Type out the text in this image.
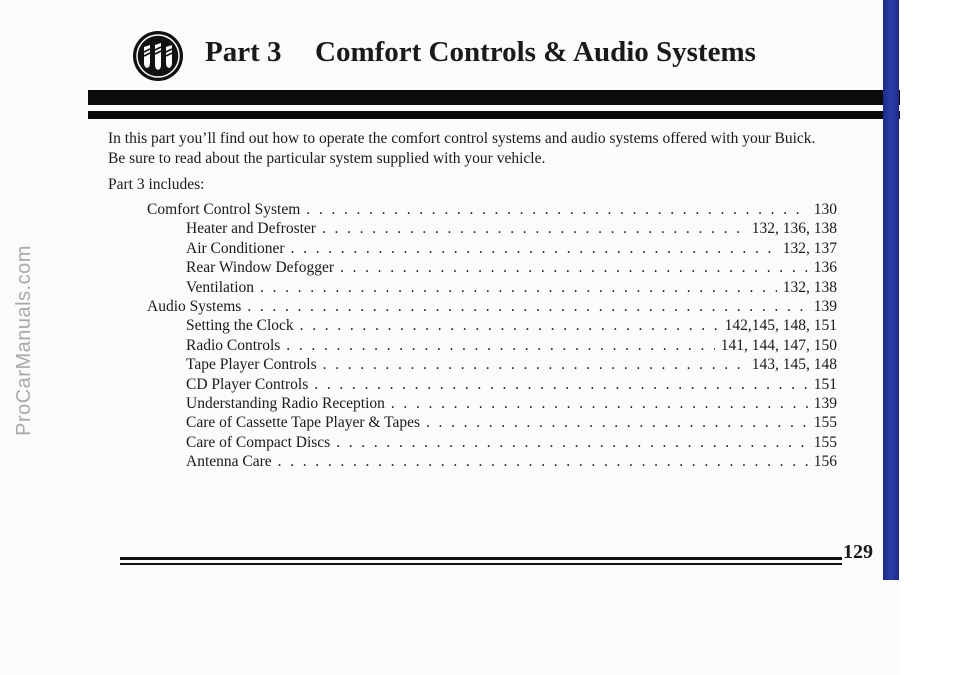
ProCarManuals.com
Part 3 Comfort Controls & Audio Systems
In this part you’ll find out how to operate the comfort control systems and audio systems offered with your Buick.
Be sure to read about the particular system supplied with your vehicle.
Part 3 includes:
Comfort Control System . . .	130
Heater and Defroster . . .	132, 136, 138
Air Conditioner . . .	132, 137
Rear Window Defogger . . .	136
Ventilation . . .	132, 138
Audio Systems . . .	139
Setting the Clock . . .	142,145, 148, 151
Radio Controls . . .	141, 144, 147, 150
Tape Player Controls . . .	143, 145, 148
CD Player Controls . . .	151
Understanding Radio Reception . . .	139
Care of Cassette Tape Player & Tapes . . .	155
Care of Compact Discs . . .	155
Antenna Care . . .	156
129
